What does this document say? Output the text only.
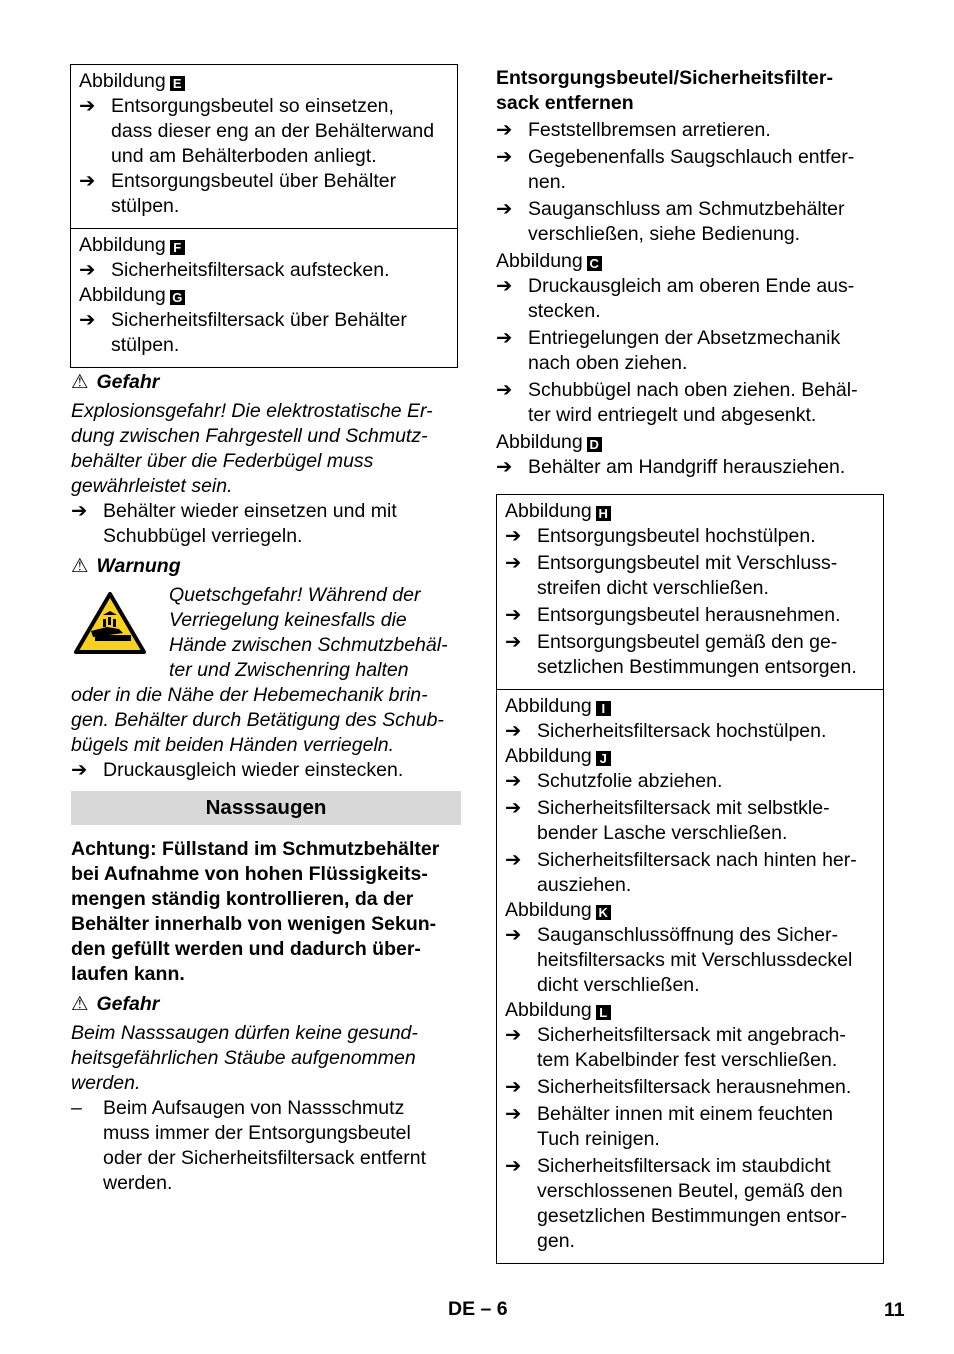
Abbildung E
➔ Entsorgungsbeutel so einsetzen,
dass dieser eng an der Behälterwand
und am Behälterboden anliegt.
➔ Entsorgungsbeutel über Behälter
stülpen.
Abbildung F
➔ Sicherheitsfiltersack aufstecken.
Abbildung G
➔ Sicherheitsfiltersack über Behälter
stülpen.
⚠ Gefahr
Explosionsgefahr! Die elektrostatische Er-
dung zwischen Fahrgestell und Schmutz-
behälter über die Federbügel muss
gewährleistet sein.
➔ Behälter wieder einsetzen und mit
Schubbügel verriegeln.
⚠ Warnung
Quetschgefahr! Während der
Verriegelung keinesfalls die
Hände zwischen Schmutzbehäl-
ter und Zwischenring halten
oder in die Nähe der Hebemechanik brin-
gen. Behälter durch Betätigung des Schub-
bügels mit beiden Händen verriegeln.
➔ Druckausgleich wieder einstecken.
Nasssaugen
Achtung: Füllstand im Schmutzbehälter
bei Aufnahme von hohen Flüssigkeits-
mengen ständig kontrollieren, da der
Behälter innerhalb von wenigen Sekun-
den gefüllt werden und dadurch über-
laufen kann.
⚠ Gefahr
Beim Nasssaugen dürfen keine gesund-
heitsgefährlichen Stäube aufgenommen
werden.
– Beim Aufsaugen von Nassschmutz
muss immer der Entsorgungsbeutel
oder der Sicherheitsfiltersack entfernt
werden.
Entsorgungsbeutel/Sicherheitsfilter-
sack entfernen
➔ Feststellbremsen arretieren.
➔ Gegebenenfalls Saugschlauch entfer-
nen.
➔ Sauganschluss am Schmutzbehälter
verschließen, siehe Bedienung.
Abbildung C
➔ Druckausgleich am oberen Ende aus-
stecken.
➔ Entriegelungen der Absetzmechanik
nach oben ziehen.
➔ Schubbügel nach oben ziehen. Behäl-
ter wird entriegelt und abgesenkt.
Abbildung D
➔ Behälter am Handgriff herausziehen.
Abbildung H
➔ Entsorgungsbeutel hochstülpen.
➔ Entsorgungsbeutel mit Verschluss-
streifen dicht verschließen.
➔ Entsorgungsbeutel herausnehmen.
➔ Entsorgungsbeutel gemäß den ge-
setzlichen Bestimmungen entsorgen.
Abbildung I
➔ Sicherheitsfiltersack hochstülpen.
Abbildung J
➔ Schutzfolie abziehen.
➔ Sicherheitsfiltersack mit selbstkle-
bender Lasche verschließen.
➔ Sicherheitsfiltersack nach hinten her-
ausziehen.
Abbildung K
➔ Sauganschlussöffnung des Sicher-
heitsfiltersacks mit Verschlussdeckel
dicht verschließen.
Abbildung L
➔ Sicherheitsfiltersack mit angebrach-
tem Kabelbinder fest verschließen.
➔ Sicherheitsfiltersack herausnehmen.
➔ Behälter innen mit einem feuchten
Tuch reinigen.
➔ Sicherheitsfiltersack im staubdicht
verschlossenen Beutel, gemäß den
gesetzlichen Bestimmungen entsor-
gen.
DE – 6	11
